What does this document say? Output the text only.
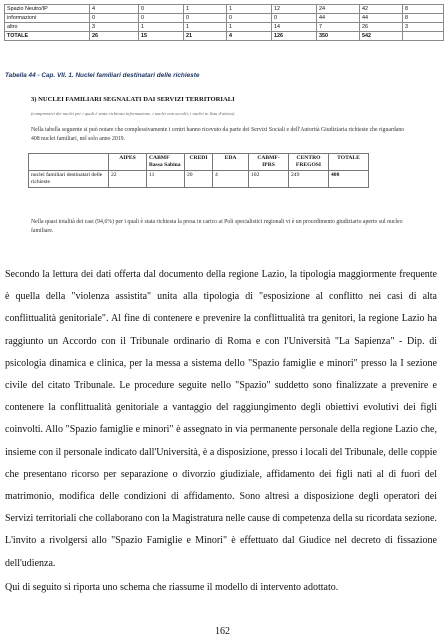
Spazio Neutro/IP	4	0	1	1	12	24	42	8
informazioni	0	0	0	0	0	44	44	8
altro	3	1	1	1	14	7	26	3
TOTALE	26	15	21	4	126	350	542	

Tabella 44 - Cap. VII. 1. Nuclei familiari destinatari delle richieste

3) NUCLEI FAMILIARI SEGNALATI DAI SERVIZI TERRITORIALI

(comprensivi dei nuclei per i quali è stata richiesta informazione, i nuclei non accolti, i nuclei in lista d'attesa)

Nella tabella seguente si può notare che complessivamente i centri hanno ricevuto da parte dei Servizi Sociali e dell'Autorità Giudiziaria richieste che riguardano 408 nuclei familiari, nel solo anno 2019.

	AIPES	CABMF Bassa Sabina	CREDI	EDA	CABMF-IPRS	CENTRO FREGOSI	TOTALE
nuclei familiari destinatari delle richieste	22	11	20	4	102	249	408

Nella quasi totalità dei casi (94,6%) per i quali è stata richiesta la presa in carico ai Poli specialistici regionali vi è un procedimento giudiziario aperto sul nucleo familiare.

Secondo la lettura dei dati offerta dal documento della regione Lazio, la tipologia maggiormente frequente è quella della "violenza assistita" unita alla tipologia di "esposizione al conflitto nei casi di alta conflittualità genitoriale". Al fine di contenere e prevenire la conflittualità tra genitori, la regione Lazio ha raggiunto un Accordo con il Tribunale ordinario di Roma e con l'Università "La Sapienza" - Dip. di psicologia dinamica e clinica, per la messa a sistema dello "Spazio famiglie e minori" presso la I sezione civile del citato Tribunale. Le procedure seguite nello "Spazio" suddetto sono finalizzate a prevenire e contenere la conflittualità genitoriale a vantaggio del raggiungimento degli obiettivi evolutivi dei figli coinvolti. Allo "Spazio famiglie e minori" è assegnato in via permanente personale della regione Lazio che, insieme con il personale indicato dall'Università, è a disposizione, presso i locali del Tribunale, delle coppie che presentano ricorso per separazione o divorzio giudiziale, affidamento dei figli nati al di fuori del matrimonio, modifica delle condizioni di affidamento. Sono altresì a disposizione degli operatori dei Servizi territoriali che collaborano con la Magistratura nelle cause di competenza della su ricordata sezione. L'invito a rivolgersi allo "Spazio Famiglie e Minori" è effettuato dal Giudice nel decreto di fissazione dell'udienza.

Qui di seguito si riporta uno schema che riassume il modello di intervento adottato.

162
